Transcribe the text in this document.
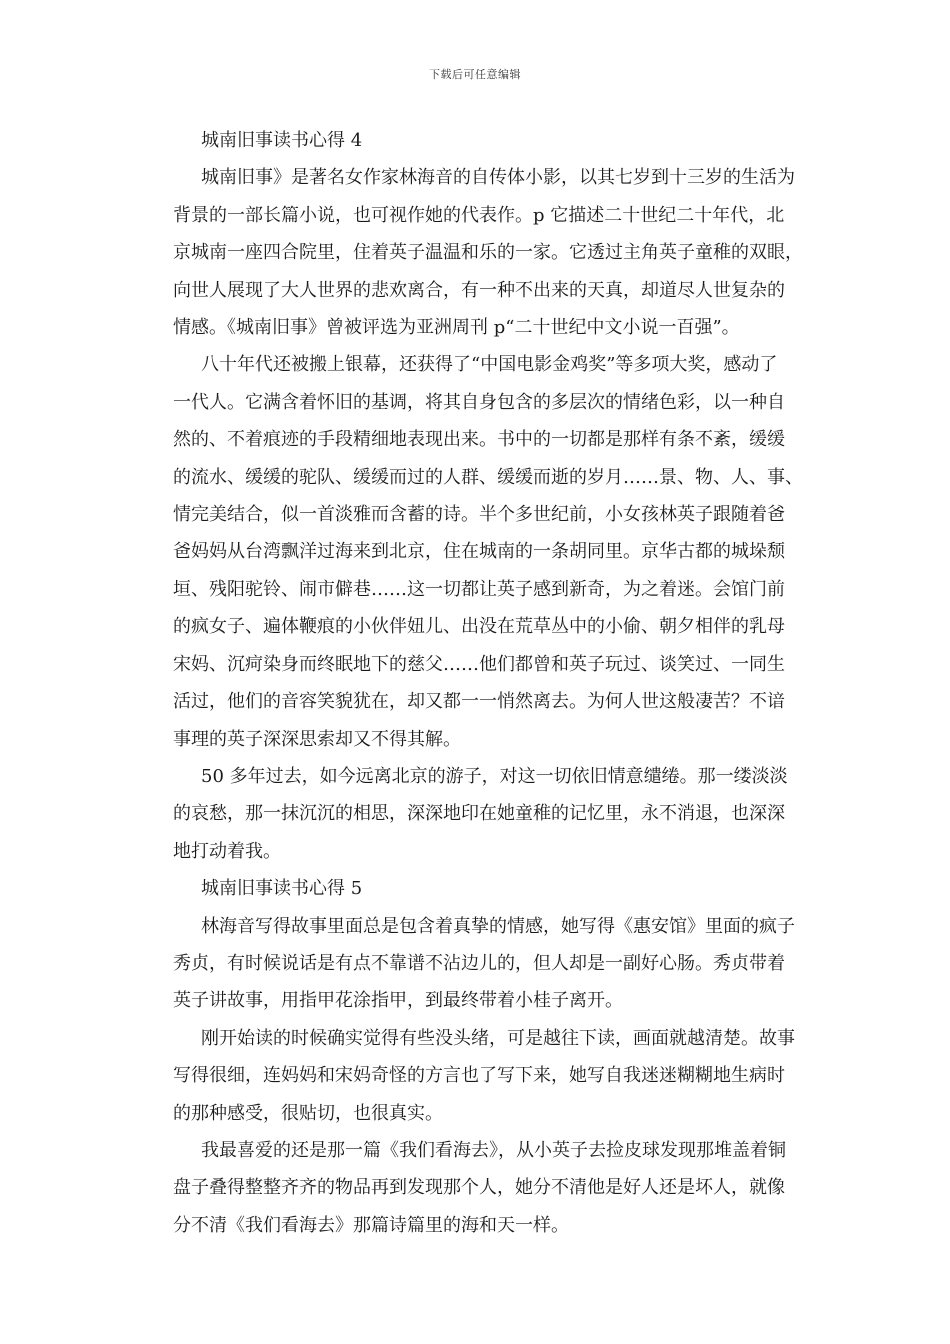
下载后可任意编辑
城南旧事读书心得 4
城南旧事》是著名女作家林海音的自传体小影，以其七岁到十三岁的生活为
背景的一部长篇小说，也可视作她的代表作。p 它描述二十世纪二十年代，北
京城南一座四合院里，住着英子温温和乐的一家。它透过主角英子童稚的双眼，
向世人展现了大人世界的悲欢离合，有一种不出来的天真，却道尽人世复杂的
情感。《城南旧事》曾被评选为亚洲周刊 p“二十世纪中文小说一百强”。
八十年代还被搬上银幕，还获得了“中国电影金鸡奖”等多项大奖，感动了
一代人。它满含着怀旧的基调，将其自身包含的多层次的情绪色彩，以一种自
然的、不着痕迹的手段精细地表现出来。书中的一切都是那样有条不紊，缓缓
的流水、缓缓的驼队、缓缓而过的人群、缓缓而逝的岁月……景、物、人、事、
情完美结合，似一首淡雅而含蓄的诗。半个多世纪前，小女孩林英子跟随着爸
爸妈妈从台湾飘洋过海来到北京，住在城南的一条胡同里。京华古都的城垛颓
垣、残阳驼铃、闹市僻巷……这一切都让英子感到新奇，为之着迷。会馆门前
的疯女子、遍体鞭痕的小伙伴妞儿、出没在荒草丛中的小偷、朝夕相伴的乳母
宋妈、沉疴染身而终眠地下的慈父……他们都曾和英子玩过、谈笑过、一同生
活过，他们的音容笑貌犹在，却又都一一悄然离去。为何人世这般凄苦？不谙
事理的英子深深思索却又不得其解。
50 多年过去，如今远离北京的游子，对这一切依旧情意缱绻。那一缕淡淡
的哀愁，那一抹沉沉的相思，深深地印在她童稚的记忆里，永不消退，也深深
地打动着我。
城南旧事读书心得 5
林海音写得故事里面总是包含着真挚的情感，她写得《惠安馆》里面的疯子
秀贞，有时候说话是有点不靠谱不沾边儿的，但人却是一副好心肠。秀贞带着
英子讲故事，用指甲花涂指甲，到最终带着小桂子离开。
刚开始读的时候确实觉得有些没头绪，可是越往下读，画面就越清楚。故事
写得很细，连妈妈和宋妈奇怪的方言也了写下来，她写自我迷迷糊糊地生病时
的那种感受，很贴切，也很真实。
我最喜爱的还是那一篇《我们看海去》，从小英子去捡皮球发现那堆盖着铜
盘子叠得整整齐齐的物品再到发现那个人，她分不清他是好人还是坏人，就像
分不清《我们看海去》那篇诗篇里的海和天一样。
